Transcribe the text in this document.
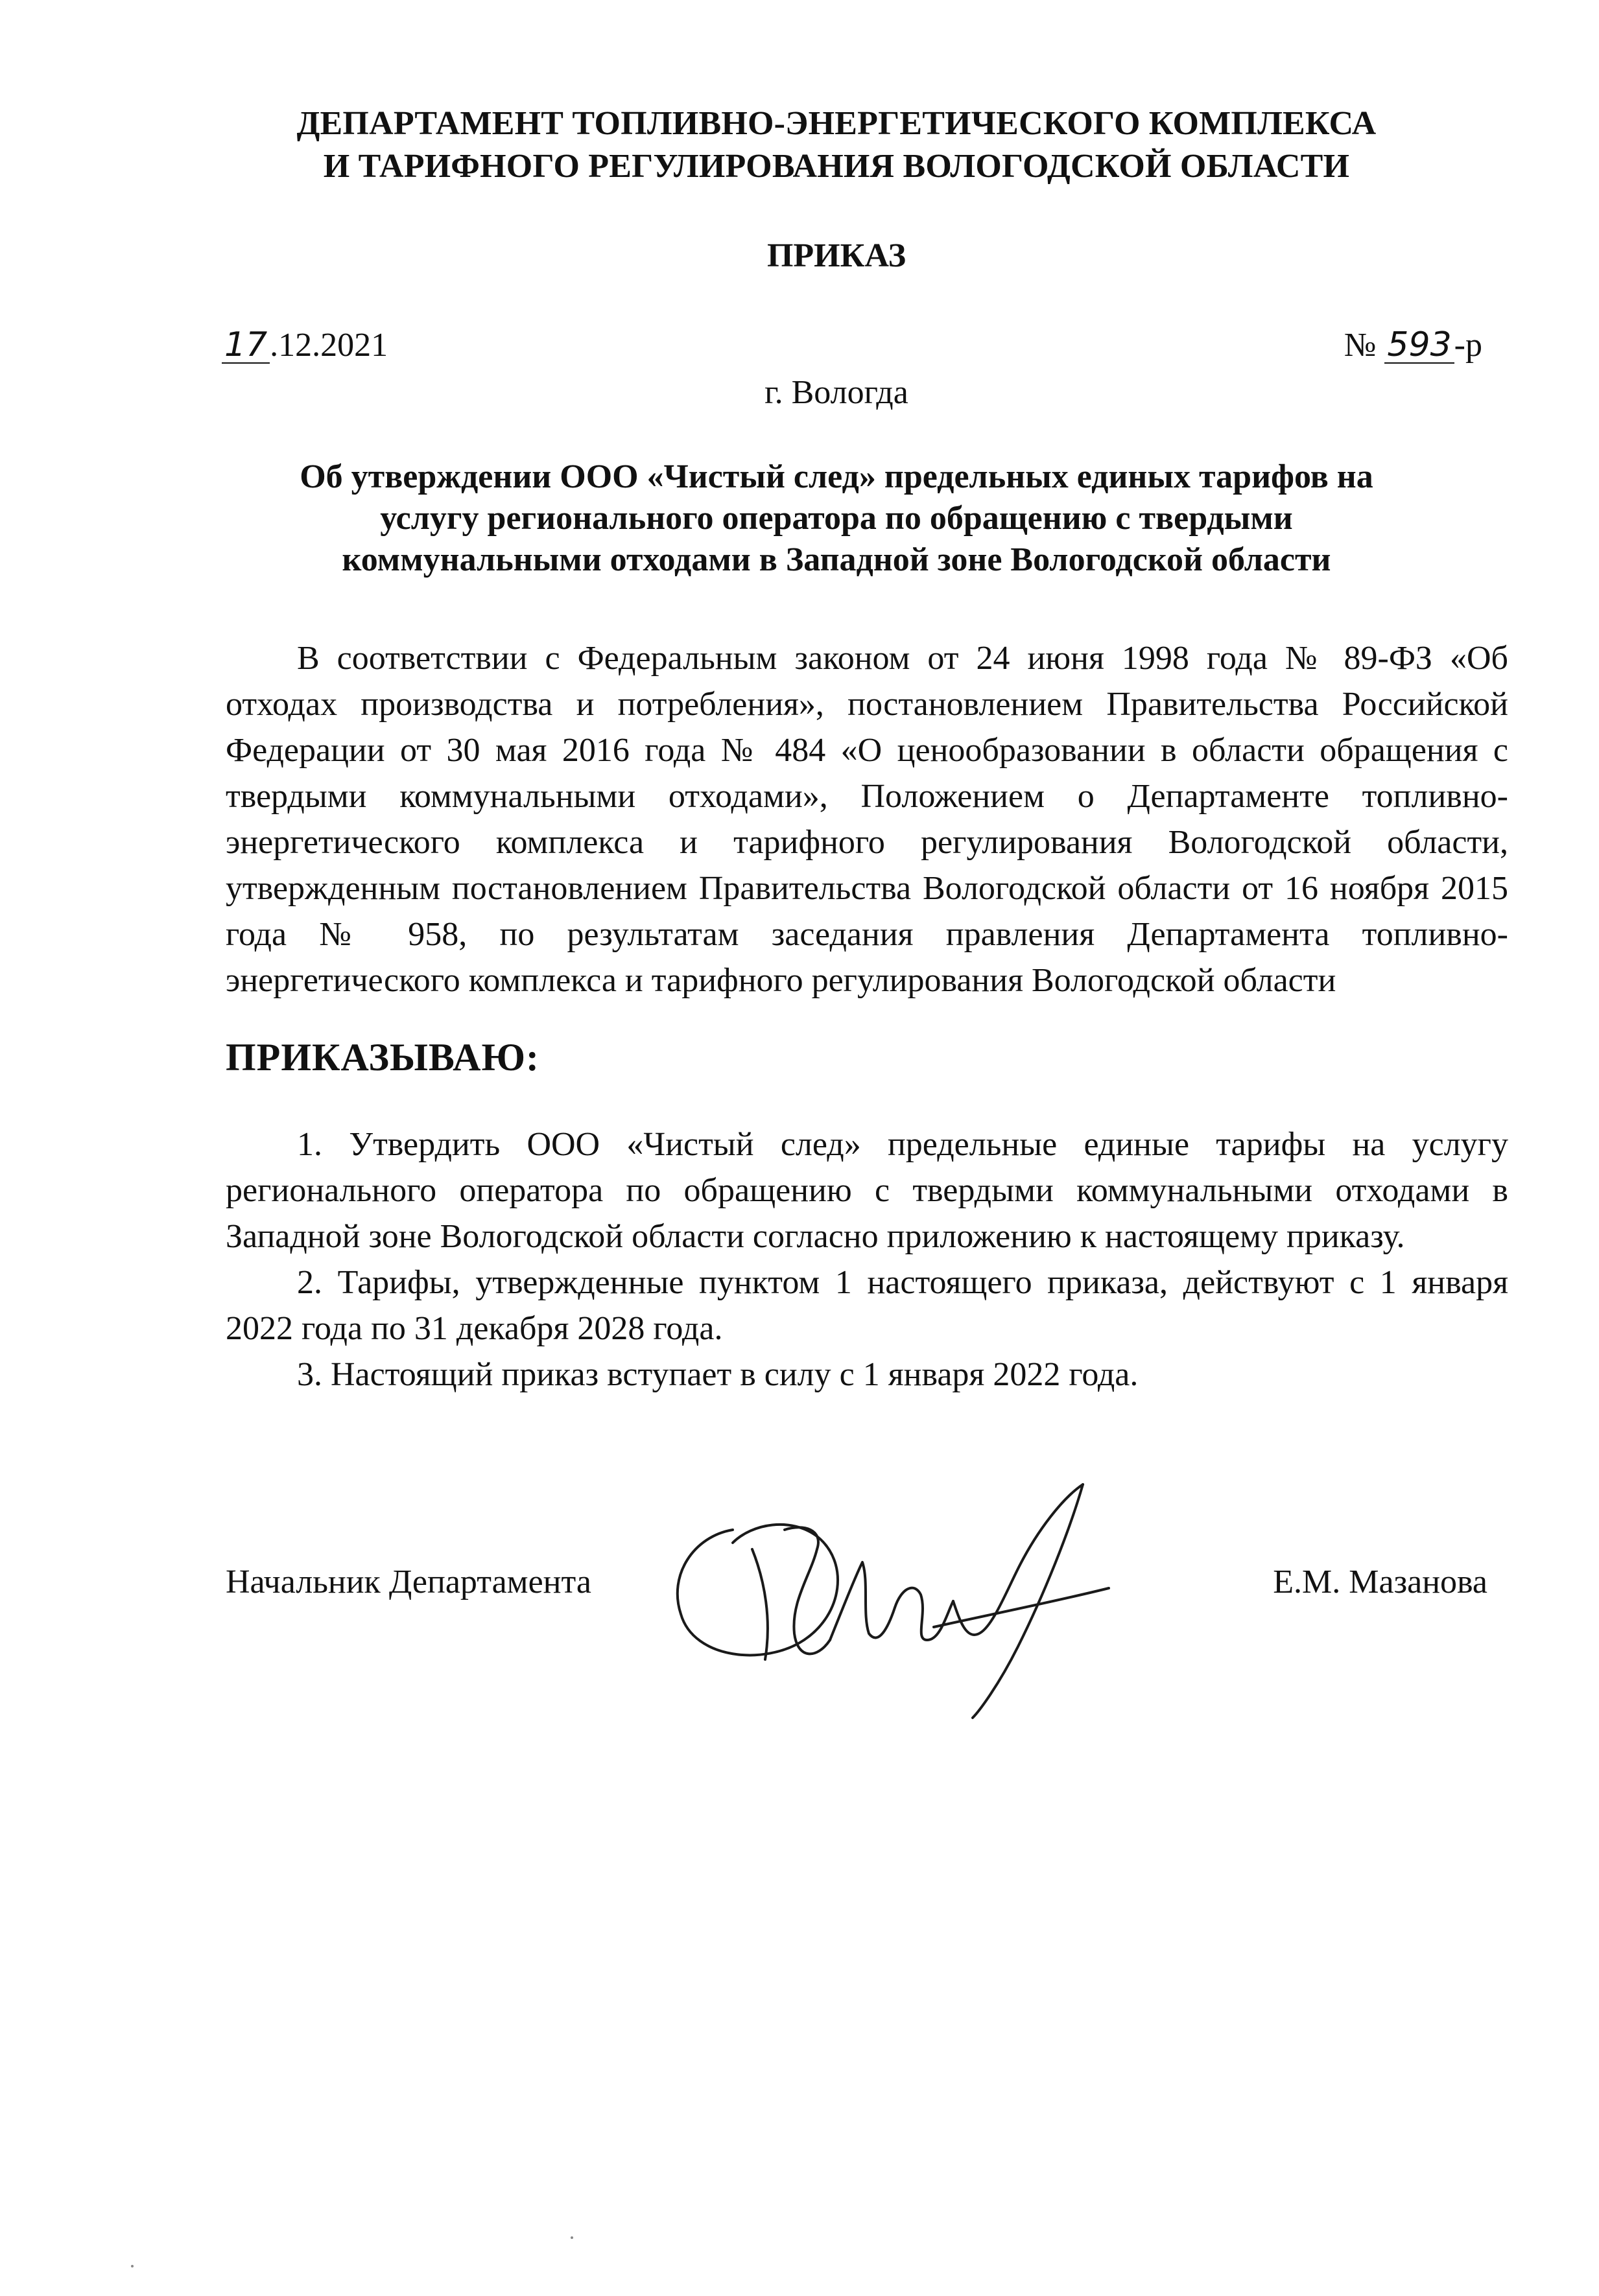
ДЕПАРТАМЕНТ ТОПЛИВНО-ЭНЕРГЕТИЧЕСКОГО КОМПЛЕКСА
И ТАРИФНОГО РЕГУЛИРОВАНИЯ ВОЛОГОДСКОЙ ОБЛАСТИ
ПРИКАЗ
17.12.2021	№ 593-р
г. Вологда
Об утверждении ООО «Чистый след» предельных единых тарифов на
услугу регионального оператора по обращению с твердыми
коммунальными отходами в Западной зоне Вологодской области

В соответствии с Федеральным законом от 24 июня 1998 года № 89-ФЗ «Об отходах производства и потребления», постановлением Правительства Российской Федерации от 30 мая 2016 года № 484 «О ценообразовании в области обращения с твердыми коммунальными отходами», Положением о Департаменте топливно-энергетического комплекса и тарифного регулирования Вологодской области, утвержденным постановлением Правительства Вологодской области от 16 ноября 2015 года № 958, по результатам заседания правления Департамента топливно-энергетического комплекса и тарифного регулирования Вологодской области

ПРИКАЗЫВАЮ:

1. Утвердить ООО «Чистый след» предельные единые тарифы на услугу регионального оператора по обращению с твердыми коммунальными отходами в Западной зоне Вологодской области согласно приложению к настоящему приказу.

2. Тарифы, утвержденные пунктом 1 настоящего приказа, действуют с 1 января 2022 года по 31 декабря 2028 года.

3. Настоящий приказ вступает в силу с 1 января 2022 года.

Начальник Департамента	Е.М. Мазанова
